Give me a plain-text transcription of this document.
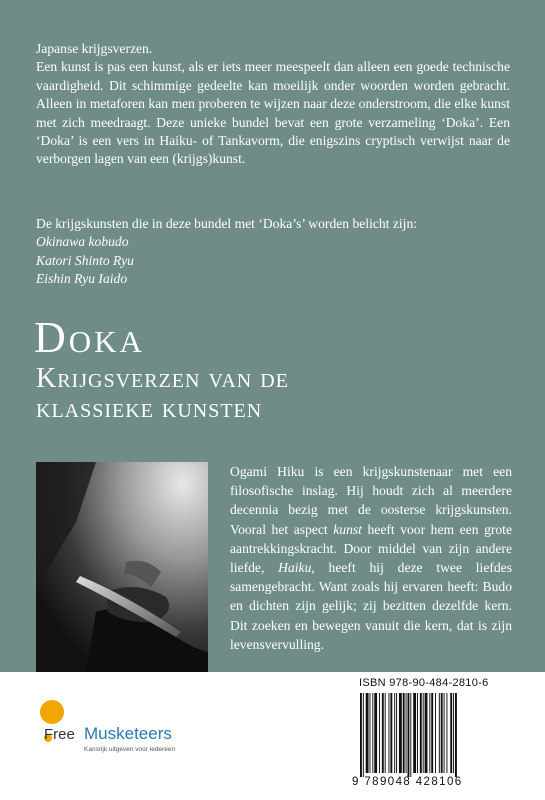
Japanse krijgsverzen.

Een kunst is pas een kunst, als er iets meer meespeelt dan alleen een goede technische vaardigheid. Dit schimmige gedeelte kan moeilijk onder woorden worden gebracht. Alleen in metaforen kan men proberen te wijzen naar deze onderstroom, die elke kunst met zich meedraagt. Deze unieke bundel bevat een grote verzameling ‘Doka’. Een ‘Doka’ is een vers in Haiku- of Tankavorm, die enigszins cryptisch verwijst naar de verborgen lagen van een (krijgs)kunst.

De krijgskunsten die in deze bundel met ‘Doka’s’ worden belicht zijn:
Okinawa kobudo
Katori Shinto Ryu
Eishin Ryu Iaido
Doka
Krijgsverzen van de
klassieke kunsten

Ogami Hiku is een krijgskunstenaar met een filosofische inslag. Hij houdt zich al meerdere decennia bezig met de oosterse krijgskunsten. Vooral het aspect kunst heeft voor hem een grote aantrekkingskracht. Door middel van zijn andere liefde, Haiku, heeft hij deze twee liefdes samengebracht. Want zoals hij ervaren heeft: Budo en dichten zijn gelijk; zij bezitten dezelfde kern. Dit zoeken en bewegen vanuit die kern, dat is zijn levensvervulling.

Free Musketeers
Kansrijk uitgeven voor iedereen
ISBN 978-90-484-2810-6
9 789048 428106
